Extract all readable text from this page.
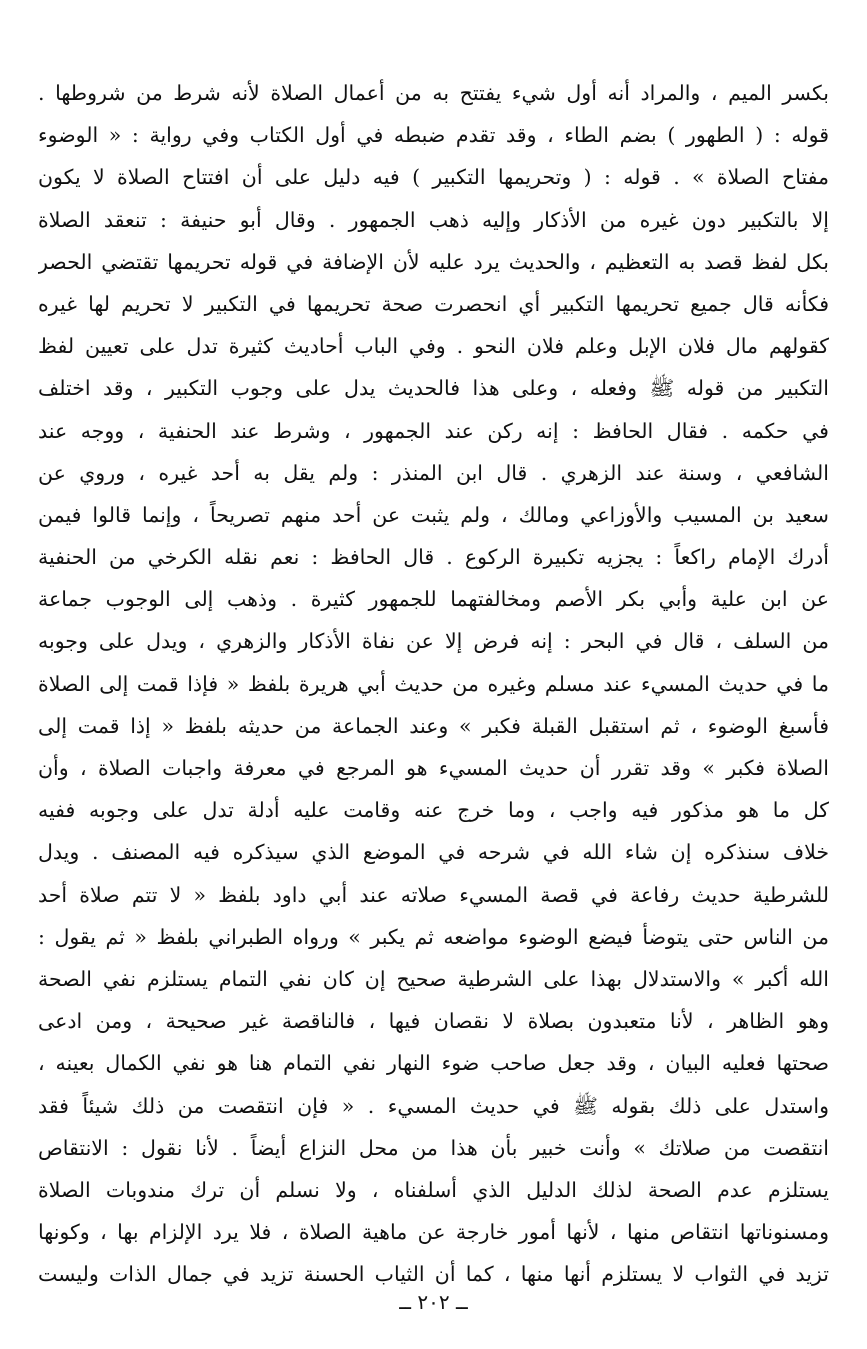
بكسر الميم ، والمراد أنه أول شيء يفتتح به من أعمال الصلاة لأنه شرط من شروطها .
قوله : ( الطهور ) بضم الطاء ، وقد تقدم ضبطه في أول الكتاب وفي رواية : « الوضوء
مفتاح الصلاة » . قوله : ( وتحريمها التكبير ) فيه دليل على أن افتتاح الصلاة لا يكون
إلا بالتكبير دون غيره من الأذكار وإليه ذهب الجمهور . وقال أبو حنيفة : تنعقد الصلاة
بكل لفظ قصد به التعظيم ، والحديث يرد عليه لأن الإضافة في قوله تحريمها تقتضي الحصر
فكأنه قال جميع تحريمها التكبير أي انحصرت صحة تحريمها في التكبير لا تحريم لها غيره
كقولهم مال فلان الإبل وعلم فلان النحو . وفي الباب أحاديث كثيرة تدل على تعيين لفظ
التكبير من قوله ﷺ وفعله ، وعلى هذا فالحديث يدل على وجوب التكبير ، وقد اختلف
في حكمه . فقال الحافظ : إنه ركن عند الجمهور ، وشرط عند الحنفية ، ووجه عند
الشافعي ، وسنة عند الزهري . قال ابن المنذر : ولم يقل به أحد غيره ، وروي عن
سعيد بن المسيب والأوزاعي ومالك ، ولم يثبت عن أحد منهم تصريحاً ، وإنما قالوا فيمن
أدرك الإمام راكعاً : يجزيه تكبيرة الركوع . قال الحافظ : نعم نقله الكرخي من الحنفية
عن ابن علية وأبي بكر الأصم ومخالفتهما للجمهور كثيرة . وذهب إلى الوجوب جماعة
من السلف ، قال في البحر : إنه فرض إلا عن نفاة الأذكار والزهري ، ويدل على وجوبه
ما في حديث المسيء عند مسلم وغيره من حديث أبي هريرة بلفظ « فإذا قمت إلى الصلاة
فأسبغ الوضوء ، ثم استقبل القبلة فكبر » وعند الجماعة من حديثه بلفظ « إذا قمت إلى
الصلاة فكبر » وقد تقرر أن حديث المسيء هو المرجع في معرفة واجبات الصلاة ، وأن
كل ما هو مذكور فيه واجب ، وما خرج عنه وقامت عليه أدلة تدل على وجوبه ففيه
خلاف سنذكره إن شاء الله في شرحه في الموضع الذي سيذكره فيه المصنف . ويدل
للشرطية حديث رفاعة في قصة المسيء صلاته عند أبي داود بلفظ « لا تتم صلاة أحد
من الناس حتى يتوضأ فيضع الوضوء مواضعه ثم يكبر » ورواه الطبراني بلفظ « ثم يقول :
الله أكبر » والاستدلال بهذا على الشرطية صحيح إن كان نفي التمام يستلزم نفي الصحة
وهو الظاهر ، لأنا متعبدون بصلاة لا نقصان فيها ، فالناقصة غير صحيحة ، ومن ادعى
صحتها فعليه البيان ، وقد جعل صاحب ضوء النهار نفي التمام هنا هو نفي الكمال بعينه ،
واستدل على ذلك بقوله ﷺ في حديث المسيء . « فإن انتقصت من ذلك شيئاً فقد
انتقصت من صلاتك » وأنت خبير بأن هذا من محل النزاع أيضاً . لأنا نقول : الانتقاص
يستلزم عدم الصحة لذلك الدليل الذي أسلفناه ، ولا نسلم أن ترك مندوبات الصلاة
ومسنوناتها انتقاص منها ، لأنها أمور خارجة عن ماهية الصلاة ، فلا يرد الإلزام بها ، وكونها
تزيد في الثواب لا يستلزم أنها منها ، كما أن الثياب الحسنة تزيد في جمال الذات وليست
ــ ٢٠٢ ــ
